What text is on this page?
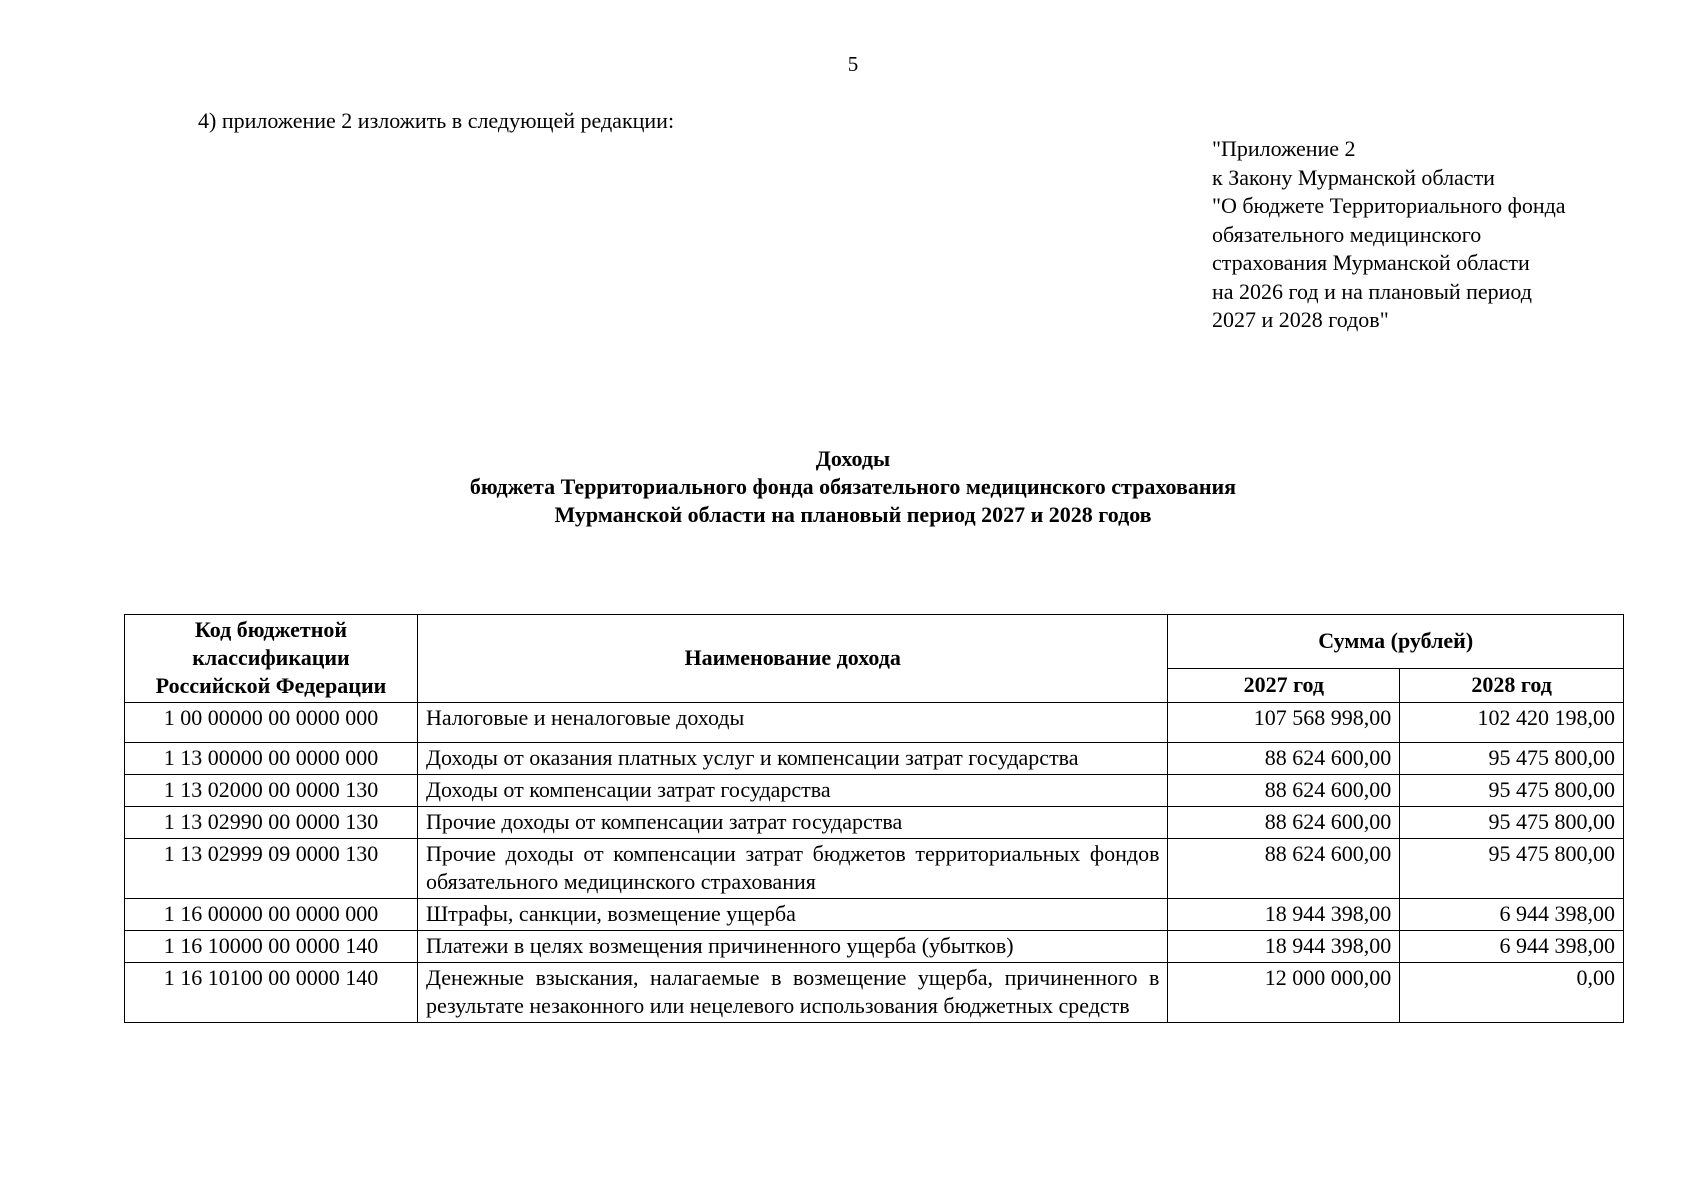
5
4) приложение 2 изложить в следующей редакции:
"Приложение 2
к Закону Мурманской области
"О бюджете Территориального фонда
обязательного медицинского
страхования Мурманской области
на 2026 год и на плановый период
2027 и 2028 годов"
Доходы
бюджета Территориального фонда обязательного медицинского страхования
Мурманской области на плановый период 2027 и 2028 годов
Код бюджетной классификации Российской Федерации	Наименование дохода	Сумма (рублей)	
		2027 год	2028 год
1 00 00000 00 0000 000	Налоговые и неналоговые доходы	107 568 998,00	102 420 198,00
1 13 00000 00 0000 000	Доходы от оказания платных услуг и компенсации затрат государства	88 624 600,00	95 475 800,00
1 13 02000 00 0000 130	Доходы от компенсации затрат государства	88 624 600,00	95 475 800,00
1 13 02990 00 0000 130	Прочие доходы от компенсации затрат государства	88 624 600,00	95 475 800,00
1 13 02999 09 0000 130	Прочие доходы от компенсации затрат бюджетов территориальных фондов обязательного медицинского страхования	88 624 600,00	95 475 800,00
1 16 00000 00 0000 000	Штрафы, санкции, возмещение ущерба	18 944 398,00	6 944 398,00
1 16 10000 00 0000 140	Платежи в целях возмещения причиненного ущерба (убытков)	18 944 398,00	6 944 398,00
1 16 10100 00 0000 140	Денежные взыскания, налагаемые в возмещение ущерба, причиненного в результате незаконного или нецелевого использования бюджетных средств	12 000 000,00	0,00
